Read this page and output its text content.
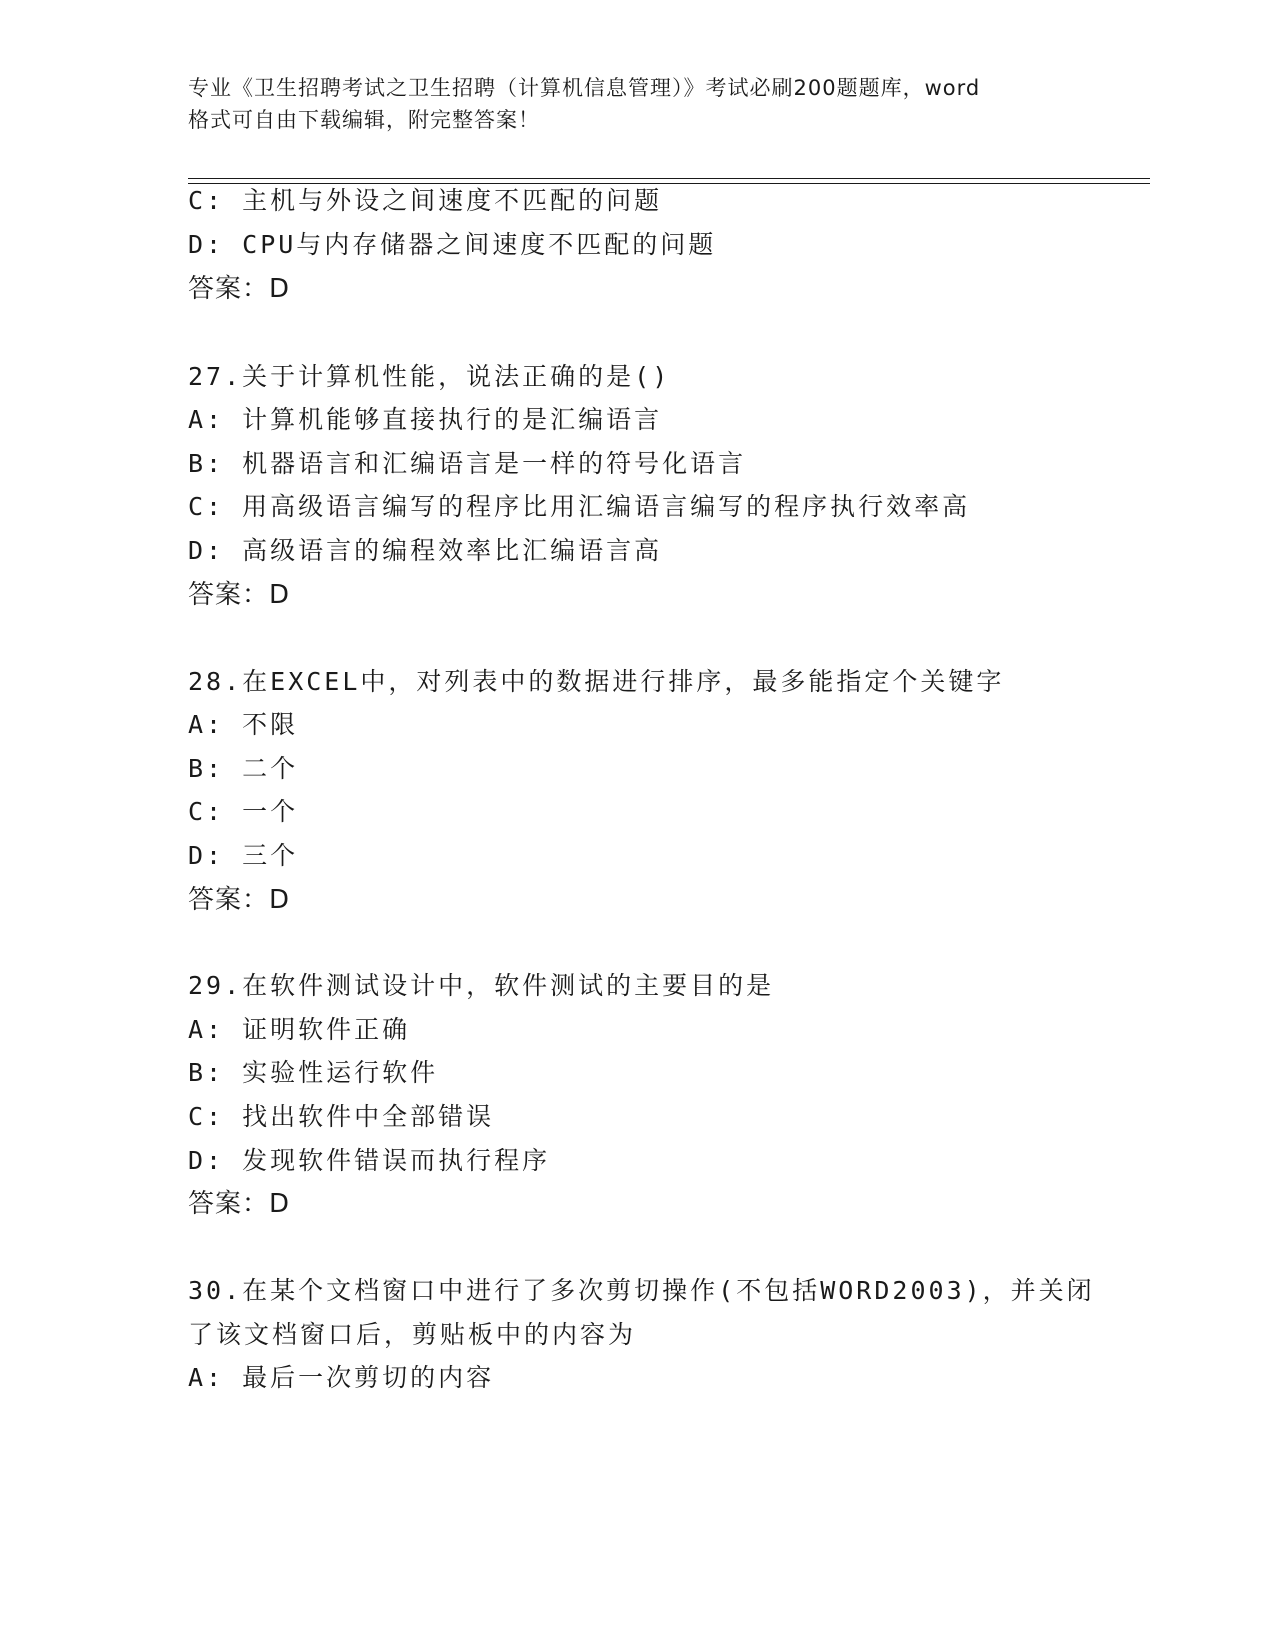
专业《卫生招聘考试之卫生招聘（计算机信息管理）》考试必刷200题题库，word
格式可自由下载编辑，附完整答案！
C: 主机与外设之间速度不匹配的问题
D: CPU与内存储器之间速度不匹配的问题
答案：D
27.关于计算机性能，说法正确的是()
A: 计算机能够直接执行的是汇编语言
B: 机器语言和汇编语言是一样的符号化语言
C: 用高级语言编写的程序比用汇编语言编写的程序执行效率高
D: 高级语言的编程效率比汇编语言高
答案：D
28.在EXCEL中，对列表中的数据进行排序，最多能指定个关键字
A: 不限
B: 二个
C: 一个
D: 三个
答案：D
29.在软件测试设计中，软件测试的主要目的是
A: 证明软件正确
B: 实验性运行软件
C: 找出软件中全部错误
D: 发现软件错误而执行程序
答案：D
30.在某个文档窗口中进行了多次剪切操作(不包括WORD2003)，并关闭
了该文档窗口后，剪贴板中的内容为
A: 最后一次剪切的内容
